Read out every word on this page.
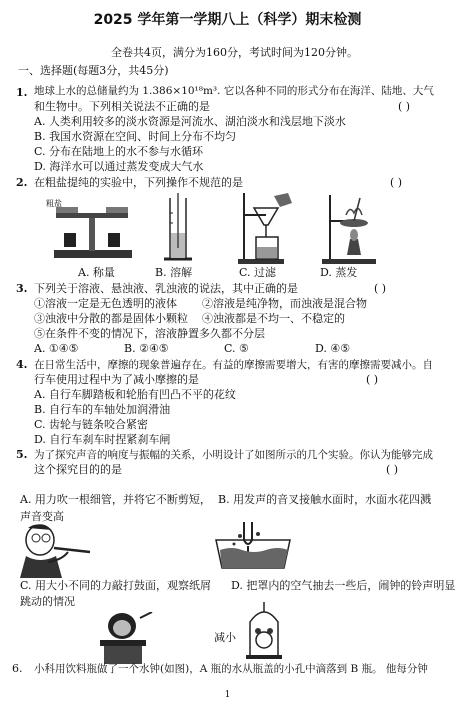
2025 学年第一学期八上（科学）期末检测
全卷共4页，满分为160分，考试时间为120分钟。
一、选择题(每题3分，共45分)
1. 地球上水的总储量约为 1.386×10¹⁸m³. 它以各种不同的形式分布在海洋、陆地、大气
和生物中。下列相关说法不正确的是	( )
A. 人类利用较多的淡水资源是河流水、湖泊淡水和浅层地下淡水
B. 我国水资源在空间、时间上分布不均匀
C. 分布在陆地上的水不参与水循环
D. 海洋水可以通过蒸发变成大气水
2. 在粗盐提纯的实验中，下列操作不规范的是	( )
粗盐
A. 称量	B. 溶解	C. 过滤	D. 蒸发
3. 下列关于溶液、悬浊液、乳浊液的说法，其中正确的是	( )
①溶液一定是无色透明的液体 ②溶液是纯净物，而浊液是混合物
③浊液中分散的都是固体小颗粒 ④浊液都是不均一、不稳定的
⑤在条件不变的情况下，溶液静置多久都不分层
A. ①④⑤	B. ②④⑤	C. ⑤	D. ④⑤
4. 在日常生活中，摩擦的现象普遍存在。有益的摩擦需要增大，有害的摩擦需要减小。自
行车使用过程中为了减小摩擦的是	( )
A. 自行车脚踏板和轮胎有凹凸不平的花纹
B. 自行车的车轴处加润滑油
C. 齿轮与链条咬合紧密
D. 自行车刹车时捏紧刹车闸
5. 为了探究声音的响度与振幅的关系，小明设计了如图所示的几个实验。你认为能够完成
这个探究目的的是	( )
A. 用力吹一根细管，并将它不断剪短，
声音变高
B. 用发声的音叉接触水面时，水面水花四溅
C. 用大小不同的力敲打鼓面，观察纸屑
跳动的情况
D. 把罩内的空气抽去一些后，闹钟的铃声明显
减小
6. 小科用饮料瓶做了一个水钟(如图)，A 瓶的水从瓶盖的小孔中滴落到 B 瓶。 他每分钟
1
